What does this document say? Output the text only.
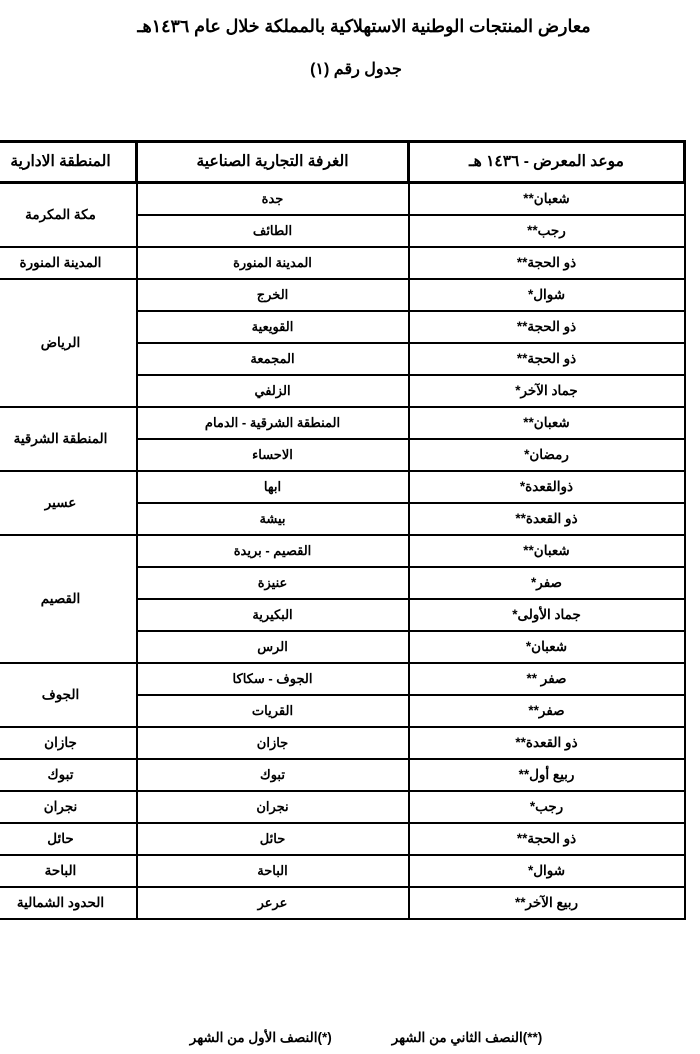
معارض المنتجات الوطنية الاستهلاكية بالمملكة خلال عام ١٤٣٦هـ
جدول رقم (١)
موعد المعرض - ١٤٣٦ هـ	الغرفة التجارية الصناعية	المنطقة الادارية
شعبان**	جدة	مكة المكرمة
رجب**	الطائف	
ذو الحجة**	المدينة المنورة	المدينة المنورة
شوال*	الخرج	الرياض
ذو الحجة**	القويعية	
ذو الحجة**	المجمعة	
جماد الآخر*	الزلفي	
شعبان**	المنطقة الشرقية - الدمام	المنطقة الشرقية
رمضان*	الاحساء	
ذوالقعدة*	ابها	عسير
ذو القعدة**	بيشة	
شعبان**	القصيم - بريدة	القصيم
صفر*	عنيزة	
جماد الأولى*	البكيرية	
شعبان*	الرس	
صفر **	الجوف - سكاكا	الجوف
صفر**	القريات	
ذو القعدة**	جازان	جازان
ربيع أول**	تبوك	تبوك
رجب*	نجران	نجران
ذو الحجة**	حائل	حائل
شوال*	الباحة	الباحة
ربيع الآخر**	عرعر	الحدود الشمالية
(**)النصف الثاني من الشهر
(*)النصف الأول من الشهر
